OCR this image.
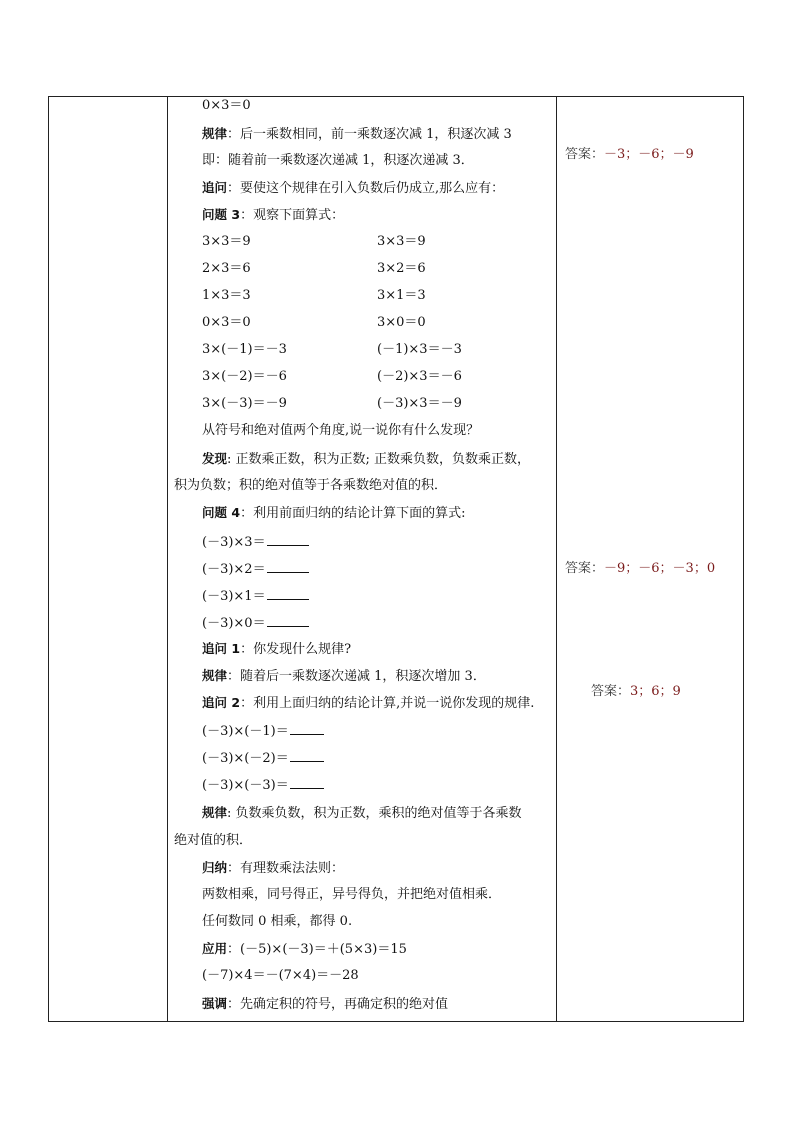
0×3＝0
规律：后一乘数相同，前一乘数逐次减 1，积逐次减 3
即：随着前一乘数逐次递减 1，积逐次递减 3．
追问：要使这个规律在引入负数后仍成立,那么应有：
问题 3：观察下面算式：
3×3＝9	3×3＝9
2×3＝6	3×2＝6
1×3＝3	3×1＝3
0×3＝0	3×0＝0
3×(－1)＝－3	(－1)×3＝－3
3×(－2)＝－6	(－2)×3＝－6
3×(－3)＝－9	(－3)×3＝－9
从符号和绝对值两个角度,说一说你有什么发现？
发现: 正数乘正数，积为正数; 正数乘负数，负数乘正数，
积为负数；积的绝对值等于各乘数绝对值的积．
问题 4：利用前面归纳的结论计算下面的算式:
(－3)×3＝
(－3)×2＝
(－3)×1＝
(－3)×0＝
追问 1：你发现什么规律?
规律：随着后一乘数逐次递减 1，积逐次增加 3．
追问 2：利用上面归纳的结论计算,并说一说你发现的规律.
(－3)×(－1)＝
(－3)×(－2)＝
(－3)×(－3)＝
规律: 负数乘负数，积为正数，乘积的绝对值等于各乘数
绝对值的积．
归纳：有理数乘法法则：
两数相乘，同号得正，异号得负，并把绝对值相乘．
任何数同 0 相乘，都得 0.
应用：(－5)×(－3)＝＋(5×3)＝15
(－7)×4＝－(7×4)＝－28
强调：先确定积的符号，再确定积的绝对值
答案：－3；－6；－9
答案：－9；－6；－3；0
答案：3；6；9
